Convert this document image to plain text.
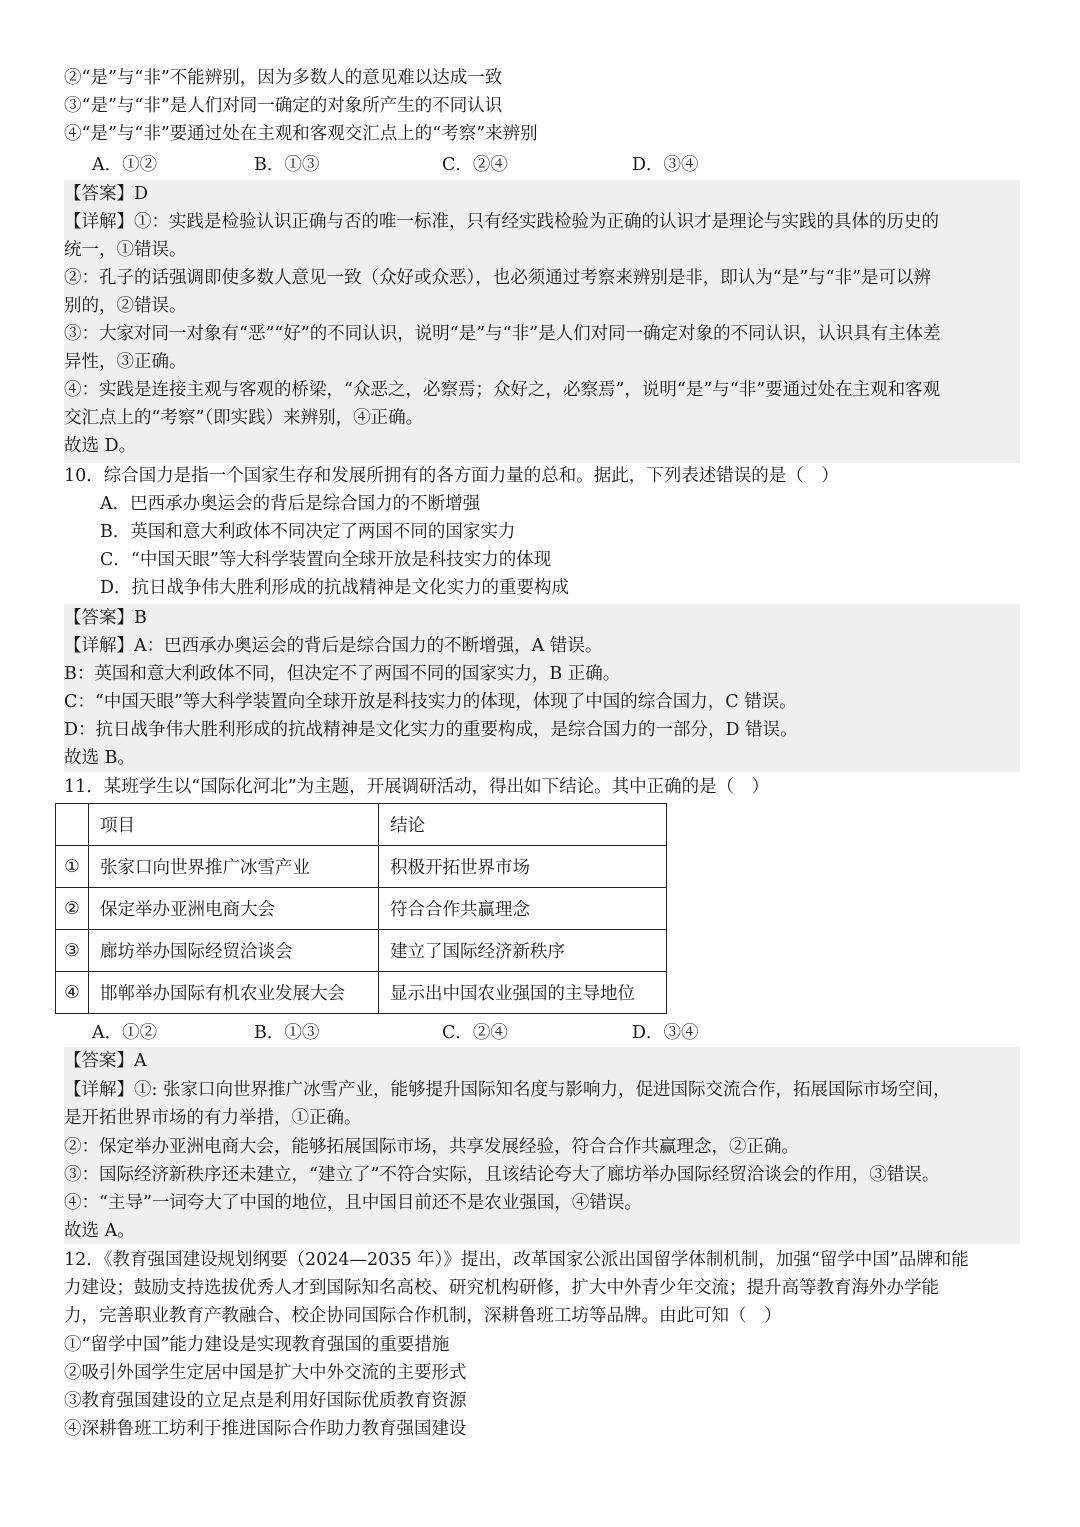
②“是”与“非”不能辨别，因为多数人的意见难以达成一致
③“是”与“非”是人们对同一确定的对象所产生的不同认识
④“是”与“非”要通过处在主观和客观交汇点上的“考察”来辨别
A．①②	B．①③	C．②④	D．③④
【答案】D
【详解】①：实践是检验认识正确与否的唯一标准，只有经实践检验为正确的认识才是理论与实践的具体的历史的
统一，①错误。
②：孔子的话强调即使多数人意见一致（众好或众恶），也必须通过考察来辨别是非，即认为“是”与“非”是可以辨
别的，②错误。
③：大家对同一对象有“恶”“好”的不同认识，说明“是”与“非”是人们对同一确定对象的不同认识，认识具有主体差
异性，③正确。
④：实践是连接主观与客观的桥梁，“众恶之，必察焉；众好之，必察焉”，说明“是”与“非”要通过处在主观和客观
交汇点上的“考察”（即实践）来辨别，④正确。
故选 D。
10．综合国力是指一个国家生存和发展所拥有的各方面力量的总和。据此，下列表述错误的是（　）
A．巴西承办奥运会的背后是综合国力的不断增强
B．英国和意大利政体不同决定了两国不同的国家实力
C．“中国天眼”等大科学装置向全球开放是科技实力的体现
D．抗日战争伟大胜利形成的抗战精神是文化实力的重要构成
【答案】B
【详解】A：巴西承办奥运会的背后是综合国力的不断增强，A 错误。
B：英国和意大利政体不同，但决定不了两国不同的国家实力，B 正确。
C：“中国天眼”等大科学装置向全球开放是科技实力的体现，体现了中国的综合国力，C 错误。
D：抗日战争伟大胜利形成的抗战精神是文化实力的重要构成，是综合国力的一部分，D 错误。
故选 B。
11．某班学生以“国际化河北”为主题，开展调研活动，得出如下结论。其中正确的是（　）
	项目	结论
①	张家口向世界推广冰雪产业	积极开拓世界市场
②	保定举办亚洲电商大会	符合合作共赢理念
③	廊坊举办国际经贸洽谈会	建立了国际经济新秩序
④	邯郸举办国际有机农业发展大会	显示出中国农业强国的主导地位
A．①②	B．①③	C．②④	D．③④
【答案】A
【详解】①: 张家口向世界推广冰雪产业，能够提升国际知名度与影响力，促进国际交流合作，拓展国际市场空间，
是开拓世界市场的有力举措，①正确。
②：保定举办亚洲电商大会，能够拓展国际市场，共享发展经验，符合合作共赢理念，②正确。
③：国际经济新秩序还未建立，“建立了”不符合实际，且该结论夸大了廊坊举办国际经贸洽谈会的作用，③错误。
④：“主导”一词夸大了中国的地位，且中国目前还不是农业强国，④错误。
故选 A。
12．《教育强国建设规划纲要（2024—2035 年）》提出，改革国家公派出国留学体制机制，加强“留学中国”品牌和能
力建设；鼓励支持选拔优秀人才到国际知名高校、研究机构研修，扩大中外青少年交流；提升高等教育海外办学能
力，完善职业教育产教融合、校企协同国际合作机制，深耕鲁班工坊等品牌。由此可知（　）
①“留学中国”能力建设是实现教育强国的重要措施
②吸引外国学生定居中国是扩大中外交流的主要形式
③教育强国建设的立足点是利用好国际优质教育资源
④深耕鲁班工坊利于推进国际合作助力教育强国建设
